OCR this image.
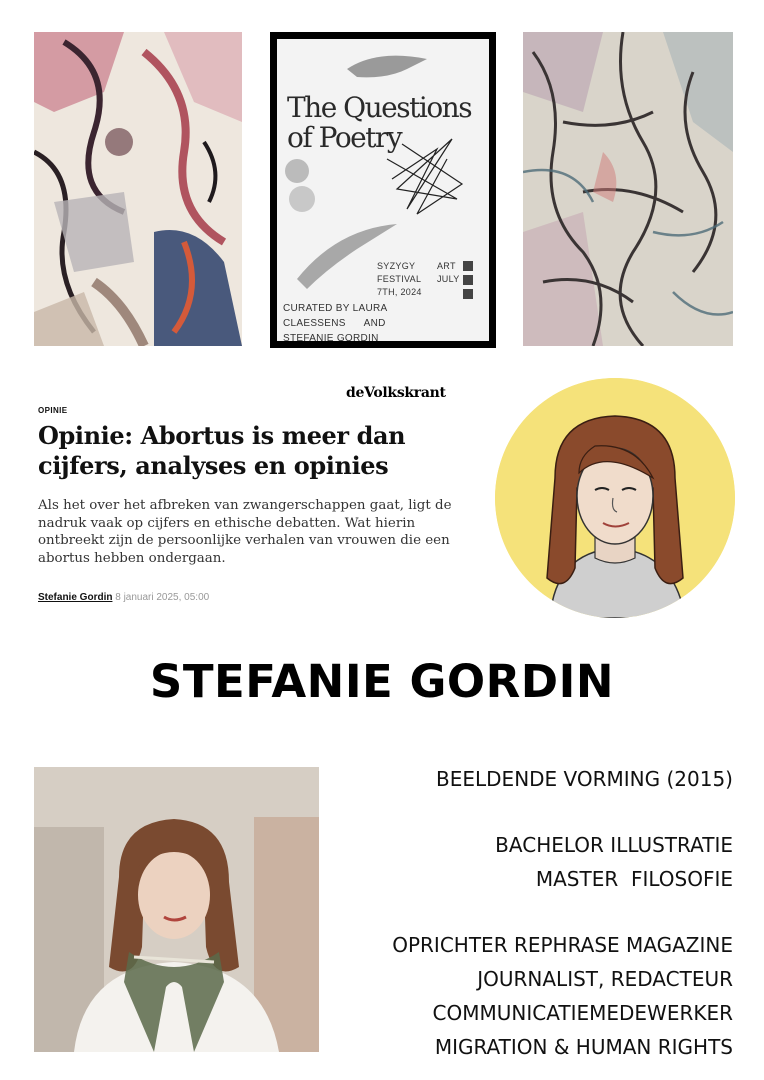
The Questions
of Poetry
SYZYGY
FESTIVAL
7TH, 2024
ART
JULY
CURATED BY LAURA
CLAESSENS      AND
STEFANIE GORDIN
deVolkskrant
OPINIE
Opinie: Abortus is meer dan cijfers, analyses en opinies
Als het over het afbreken van zwangerschappen gaat, ligt de nadruk vaak op cijfers en ethische debatten. Wat hierin ontbreekt zijn de persoonlijke verhalen van vrouwen die een abortus hebben ondergaan.
Stefanie Gordin 8 januari 2025, 05:00
STEFANIE GORDIN
BEELDENDE VORMING (2015)
BACHELOR ILLUSTRATIE
MASTER  FILOSOFIE
OPRICHTER REPHRASE MAGAZINE
JOURNALIST, REDACTEUR
COMMUNICATIEMEDEWERKER
MIGRATION & HUMAN RIGHTS
